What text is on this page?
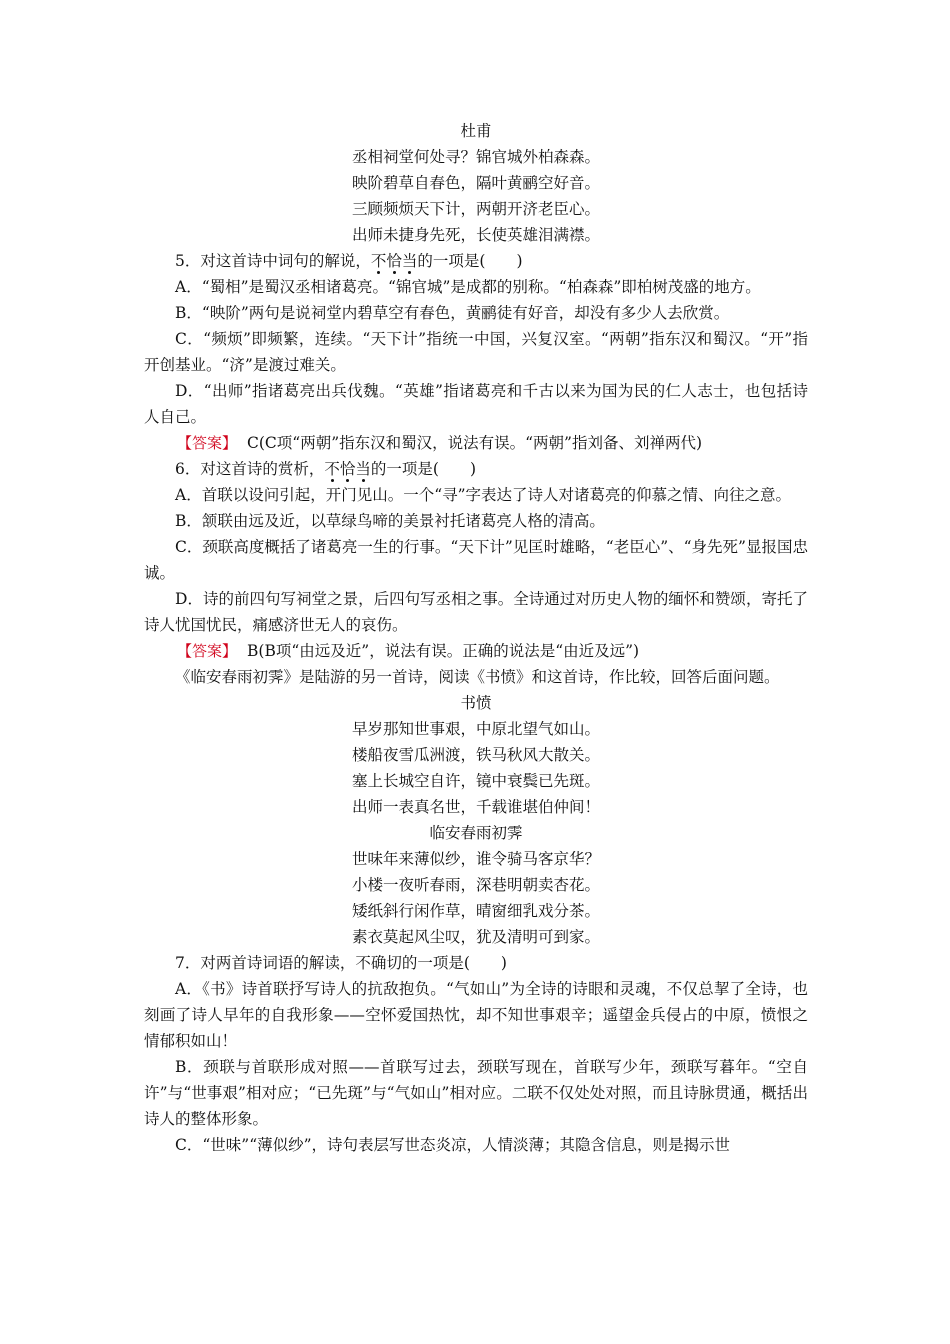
杜甫
丞相祠堂何处寻？锦官城外柏森森。
映阶碧草自春色，隔叶黄鹂空好音。
三顾频烦天下计，两朝开济老臣心。
出师未捷身先死，长使英雄泪满襟。
5．对这首诗中词句的解说，不恰当的一项是(　　)

A．“蜀相”是蜀汉丞相诸葛亮。“锦官城”是成都的别称。“柏森森”即柏树茂盛的地方。

B．“映阶”两句是说祠堂内碧草空有春色，黄鹂徒有好音，却没有多少人去欣赏。

C．“频烦”即频繁，连续。“天下计”指统一中国，兴复汉室。“两朝”指东汉和蜀汉。“开”指开创基业。“济”是渡过难关。

D．“出师”指诸葛亮出兵伐魏。“英雄”指诸葛亮和千古以来为国为民的仁人志士，也包括诗人自己。

【答案】 C(C项“两朝”指东汉和蜀汉，说法有误。“两朝”指刘备、刘禅两代)

6．对这首诗的赏析，不恰当的一项是(　　)

A．首联以设问引起，开门见山。一个“寻”字表达了诗人对诸葛亮的仰慕之情、向往之意。

B．颔联由远及近，以草绿鸟啼的美景衬托诸葛亮人格的清高。

C．颈联高度概括了诸葛亮一生的行事。“天下计”见匡时雄略，“老臣心”、“身先死”显报国忠诚。

D．诗的前四句写祠堂之景，后四句写丞相之事。全诗通过对历史人物的缅怀和赞颂，寄托了诗人忧国忧民，痛感济世无人的哀伤。

【答案】 B(B项“由远及近”，说法有误。正确的说法是“由近及远”)

《临安春雨初霁》是陆游的另一首诗，阅读《书愤》和这首诗，作比较，回答后面问题。

书愤
早岁那知世事艰，中原北望气如山。
楼船夜雪瓜洲渡，铁马秋风大散关。
塞上长城空自许，镜中衰鬓已先斑。
出师一表真名世，千载谁堪伯仲间！
临安春雨初霁
世味年来薄似纱，谁令骑马客京华？
小楼一夜听春雨，深巷明朝卖杏花。
矮纸斜行闲作草，晴窗细乳戏分茶。
素衣莫起风尘叹，犹及清明可到家。
7．对两首诗词语的解读，不确切的一项是(　　)

A．《书》诗首联抒写诗人的抗敌抱负。“气如山”为全诗的诗眼和灵魂，不仅总挈了全诗，也刻画了诗人早年的自我形象——空怀爱国热忱，却不知世事艰辛；遥望金兵侵占的中原，愤恨之情郁积如山！

B．颈联与首联形成对照——首联写过去，颈联写现在，首联写少年，颈联写暮年。“空自许”与“世事艰”相对应；“已先斑”与“气如山”相对应。二联不仅处处对照，而且诗脉贯通，概括出诗人的整体形象。

C．“世味”“薄似纱”，诗句表层写世态炎凉，人情淡薄；其隐含信息，则是揭示世
